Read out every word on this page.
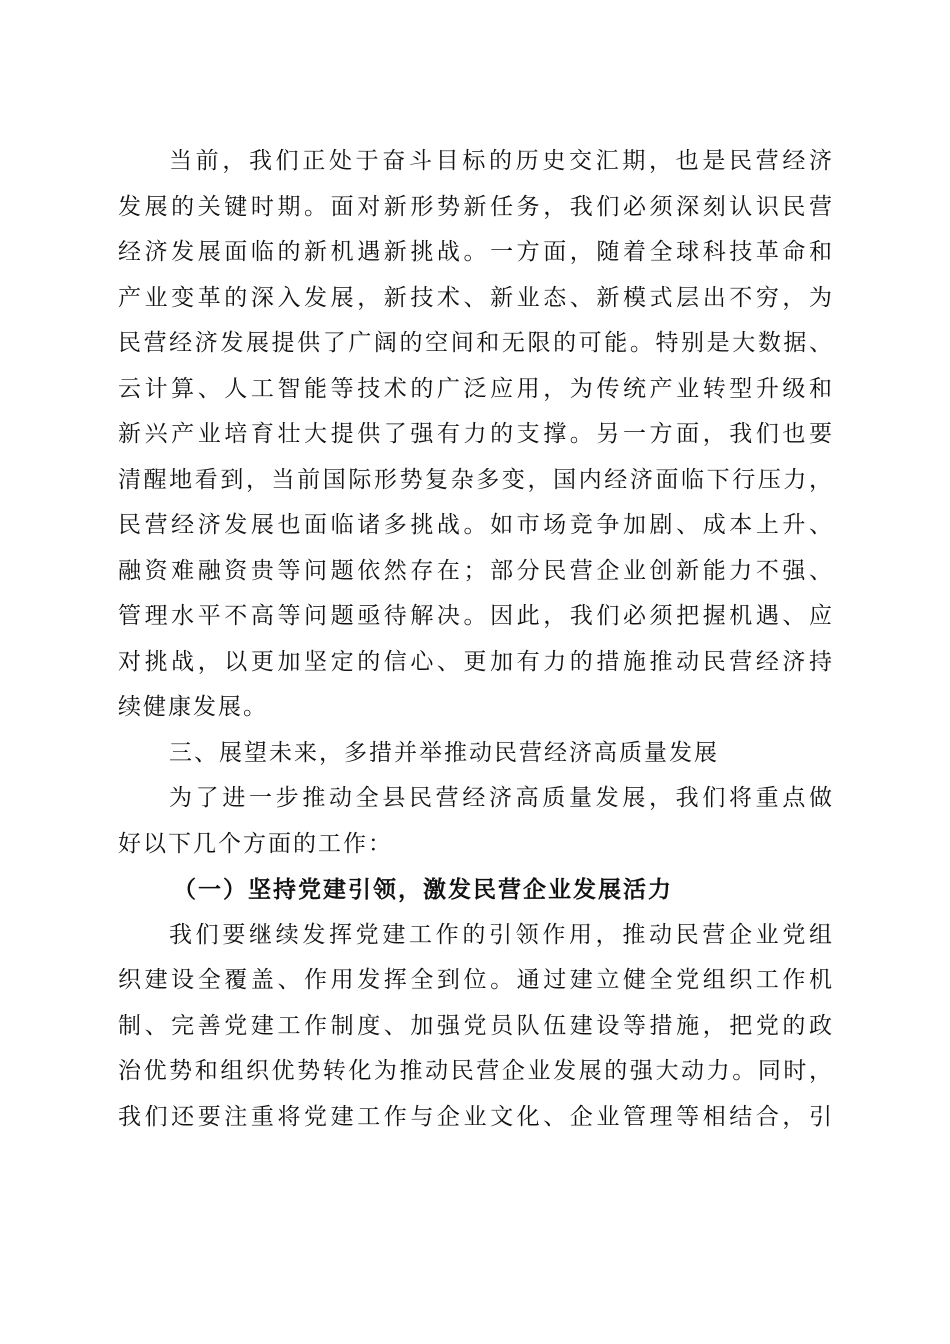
当前，我们正处于奋斗目标的历史交汇期，也是民营经济
发展的关键时期。面对新形势新任务，我们必须深刻认识民营
经济发展面临的新机遇新挑战。一方面，随着全球科技革命和
产业变革的深入发展，新技术、新业态、新模式层出不穷，为
民营经济发展提供了广阔的空间和无限的可能。特别是大数据、
云计算、人工智能等技术的广泛应用，为传统产业转型升级和
新兴产业培育壮大提供了强有力的支撑。另一方面，我们也要
清醒地看到，当前国际形势复杂多变，国内经济面临下行压力，
民营经济发展也面临诸多挑战。如市场竞争加剧、成本上升、
融资难融资贵等问题依然存在；部分民营企业创新能力不强、
管理水平不高等问题亟待解决。因此，我们必须把握机遇、应
对挑战，以更加坚定的信心、更加有力的措施推动民营经济持
续健康发展。
三、展望未来，多措并举推动民营经济高质量发展
为了进一步推动全县民营经济高质量发展，我们将重点做
好以下几个方面的工作：
（一）坚持党建引领，激发民营企业发展活力
我们要继续发挥党建工作的引领作用，推动民营企业党组
织建设全覆盖、作用发挥全到位。通过建立健全党组织工作机
制、完善党建工作制度、加强党员队伍建设等措施，把党的政
治优势和组织优势转化为推动民营企业发展的强大动力。同时，
我们还要注重将党建工作与企业文化、企业管理等相结合，引
